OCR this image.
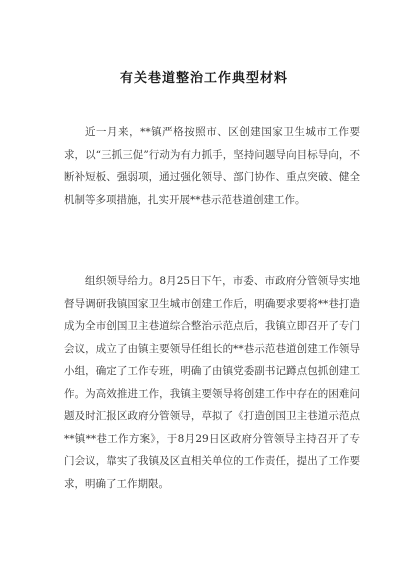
有关巷道整治工作典型材料

近一月来，**镇严格按照市、区创建国家卫生城市工作要求，以“三抓三促”行动为有力抓手，坚持问题导向目标导向，不断补短板、强弱项，通过强化领导、部门协作、重点突破、健全机制等多项措施，扎实开展**巷示范巷道创建工作。

组织领导给力。8月25日下午，市委、市政府分管领导实地督导调研我镇国家卫生城市创建工作后，明确要求要将**巷打造成为全市创国卫主巷道综合整治示范点后，我镇立即召开了专门会议，成立了由镇主要领导任组长的**巷示范巷道创建工作领导小组，确定了工作专班，明确了由镇党委副书记蹲点包抓创建工作。为高效推进工作，我镇主要领导将创建工作中存在的困难问题及时汇报区政府分管领导，草拟了《打造创国卫主巷道示范点**镇**巷工作方案》，于8月29日区政府分管领导主持召开了专门会议，靠实了我镇及区直相关单位的工作责任，提出了工作要求，明确了工作期限。
